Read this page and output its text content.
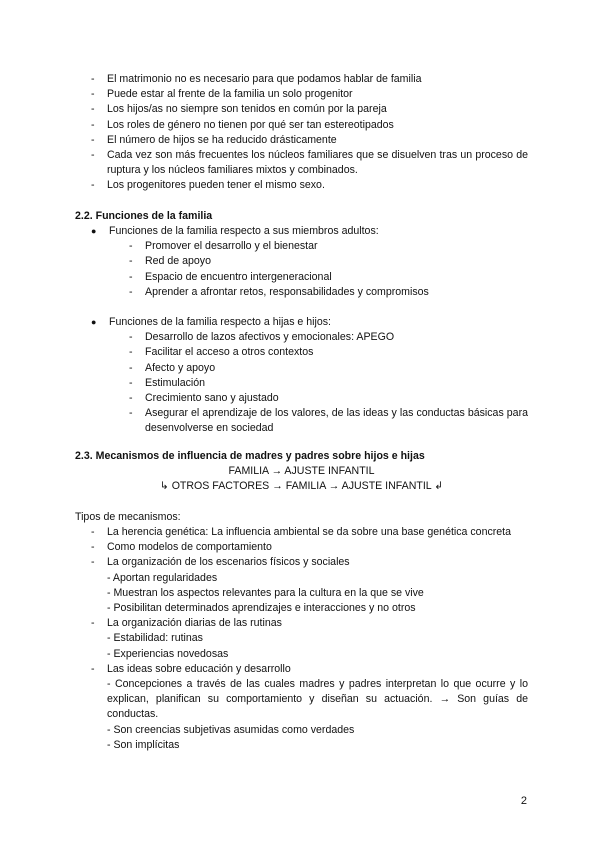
- El matrimonio no es necesario para que podamos hablar de familia
- Puede estar al frente de la familia un solo progenitor
- Los hijos/as no siempre son tenidos en común por la pareja
- Los roles de género no tienen por qué ser tan estereotipados
- El número de hijos se ha reducido drásticamente
- Cada vez son más frecuentes los núcleos familiares que se disuelven tras un proceso de ruptura y los núcleos familiares mixtos y combinados.
- Los progenitores pueden tener el mismo sexo.
2.2. Funciones de la familia
● Funciones de la familia respecto a sus miembros adultos:
- Promover el desarrollo y el bienestar
- Red de apoyo
- Espacio de encuentro intergeneracional
- Aprender a afrontar retos, responsabilidades y compromisos
● Funciones de la familia respecto a hijas e hijos:
- Desarrollo de lazos afectivos y emocionales: APEGO
- Facilitar el acceso a otros contextos
- Afecto y apoyo
- Estimulación
- Crecimiento sano y ajustado
- Asegurar el aprendizaje de los valores, de las ideas y las conductas básicas para desenvolverse en sociedad
2.3. Mecanismos de influencia de madres y padres sobre hijos e hijas
FAMILIA → AJUSTE INFANTIL
↳ OTROS FACTORES → FAMILIA → AJUSTE INFANTIL ↲
Tipos de mecanismos:
- La herencia genética: La influencia ambiental se da sobre una base genética concreta
- Como modelos de comportamiento
- La organización de los escenarios físicos y sociales
- Aportan regularidades
- Muestran los aspectos relevantes para la cultura en la que se vive
- Posibilitan determinados aprendizajes e interacciones y no otros
- La organización diarias de las rutinas
- Estabilidad: rutinas
- Experiencias novedosas
- Las ideas sobre educación y desarrollo
- Concepciones a través de las cuales madres y padres interpretan lo que ocurre y lo explican, planifican su comportamiento y diseñan su actuación. → Son guías de conductas.
- Son creencias subjetivas asumidas como verdades
- Son implícitas
2
